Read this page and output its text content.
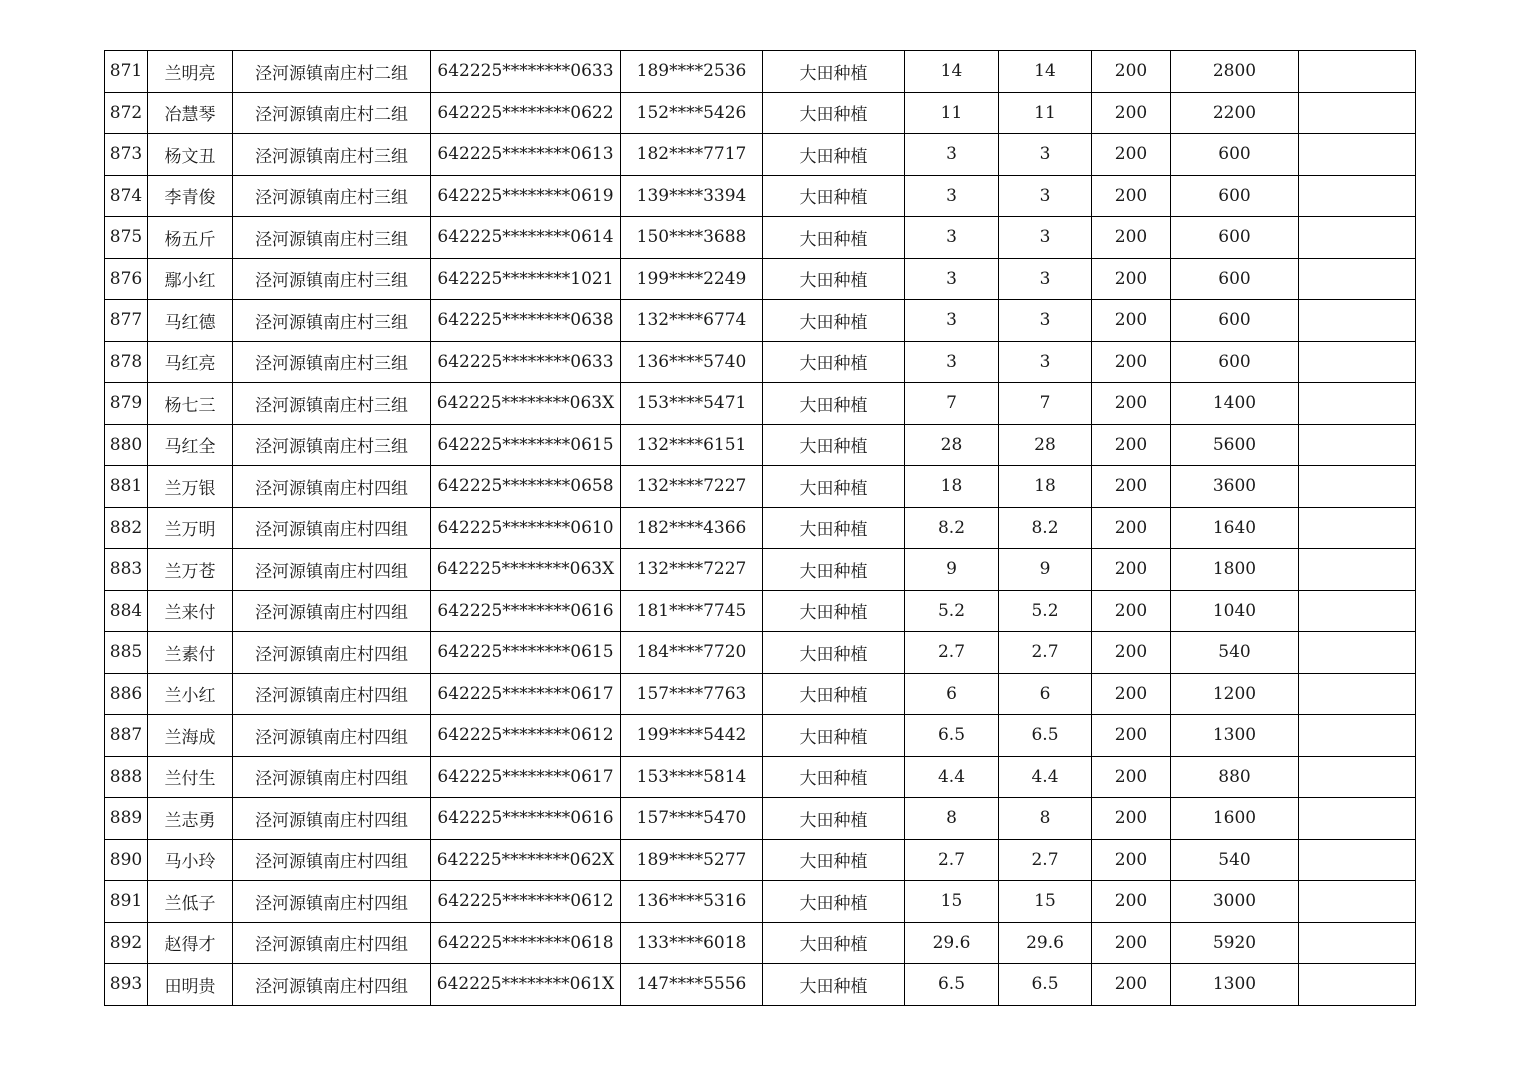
871	兰明亮	泾河源镇南庄村二组	642225********0633	189****2536	大田种植	14	14	200	2800	
872	冶慧琴	泾河源镇南庄村二组	642225********0622	152****5426	大田种植	11	11	200	2200	
873	杨文丑	泾河源镇南庄村三组	642225********0613	182****7717	大田种植	3	3	200	600	
874	李青俊	泾河源镇南庄村三组	642225********0619	139****3394	大田种植	3	3	200	600	
875	杨五斤	泾河源镇南庄村三组	642225********0614	150****3688	大田种植	3	3	200	600	
876	鄢小红	泾河源镇南庄村三组	642225********1021	199****2249	大田种植	3	3	200	600	
877	马红德	泾河源镇南庄村三组	642225********0638	132****6774	大田种植	3	3	200	600	
878	马红亮	泾河源镇南庄村三组	642225********0633	136****5740	大田种植	3	3	200	600	
879	杨七三	泾河源镇南庄村三组	642225********063X	153****5471	大田种植	7	7	200	1400	
880	马红全	泾河源镇南庄村三组	642225********0615	132****6151	大田种植	28	28	200	5600	
881	兰万银	泾河源镇南庄村四组	642225********0658	132****7227	大田种植	18	18	200	3600	
882	兰万明	泾河源镇南庄村四组	642225********0610	182****4366	大田种植	8.2	8.2	200	1640	
883	兰万苍	泾河源镇南庄村四组	642225********063X	132****7227	大田种植	9	9	200	1800	
884	兰来付	泾河源镇南庄村四组	642225********0616	181****7745	大田种植	5.2	5.2	200	1040	
885	兰素付	泾河源镇南庄村四组	642225********0615	184****7720	大田种植	2.7	2.7	200	540	
886	兰小红	泾河源镇南庄村四组	642225********0617	157****7763	大田种植	6	6	200	1200	
887	兰海成	泾河源镇南庄村四组	642225********0612	199****5442	大田种植	6.5	6.5	200	1300	
888	兰付生	泾河源镇南庄村四组	642225********0617	153****5814	大田种植	4.4	4.4	200	880	
889	兰志勇	泾河源镇南庄村四组	642225********0616	157****5470	大田种植	8	8	200	1600	
890	马小玲	泾河源镇南庄村四组	642225********062X	189****5277	大田种植	2.7	2.7	200	540	
891	兰低子	泾河源镇南庄村四组	642225********0612	136****5316	大田种植	15	15	200	3000	
892	赵得才	泾河源镇南庄村四组	642225********0618	133****6018	大田种植	29.6	29.6	200	5920	
893	田明贵	泾河源镇南庄村四组	642225********061X	147****5556	大田种植	6.5	6.5	200	1300	
